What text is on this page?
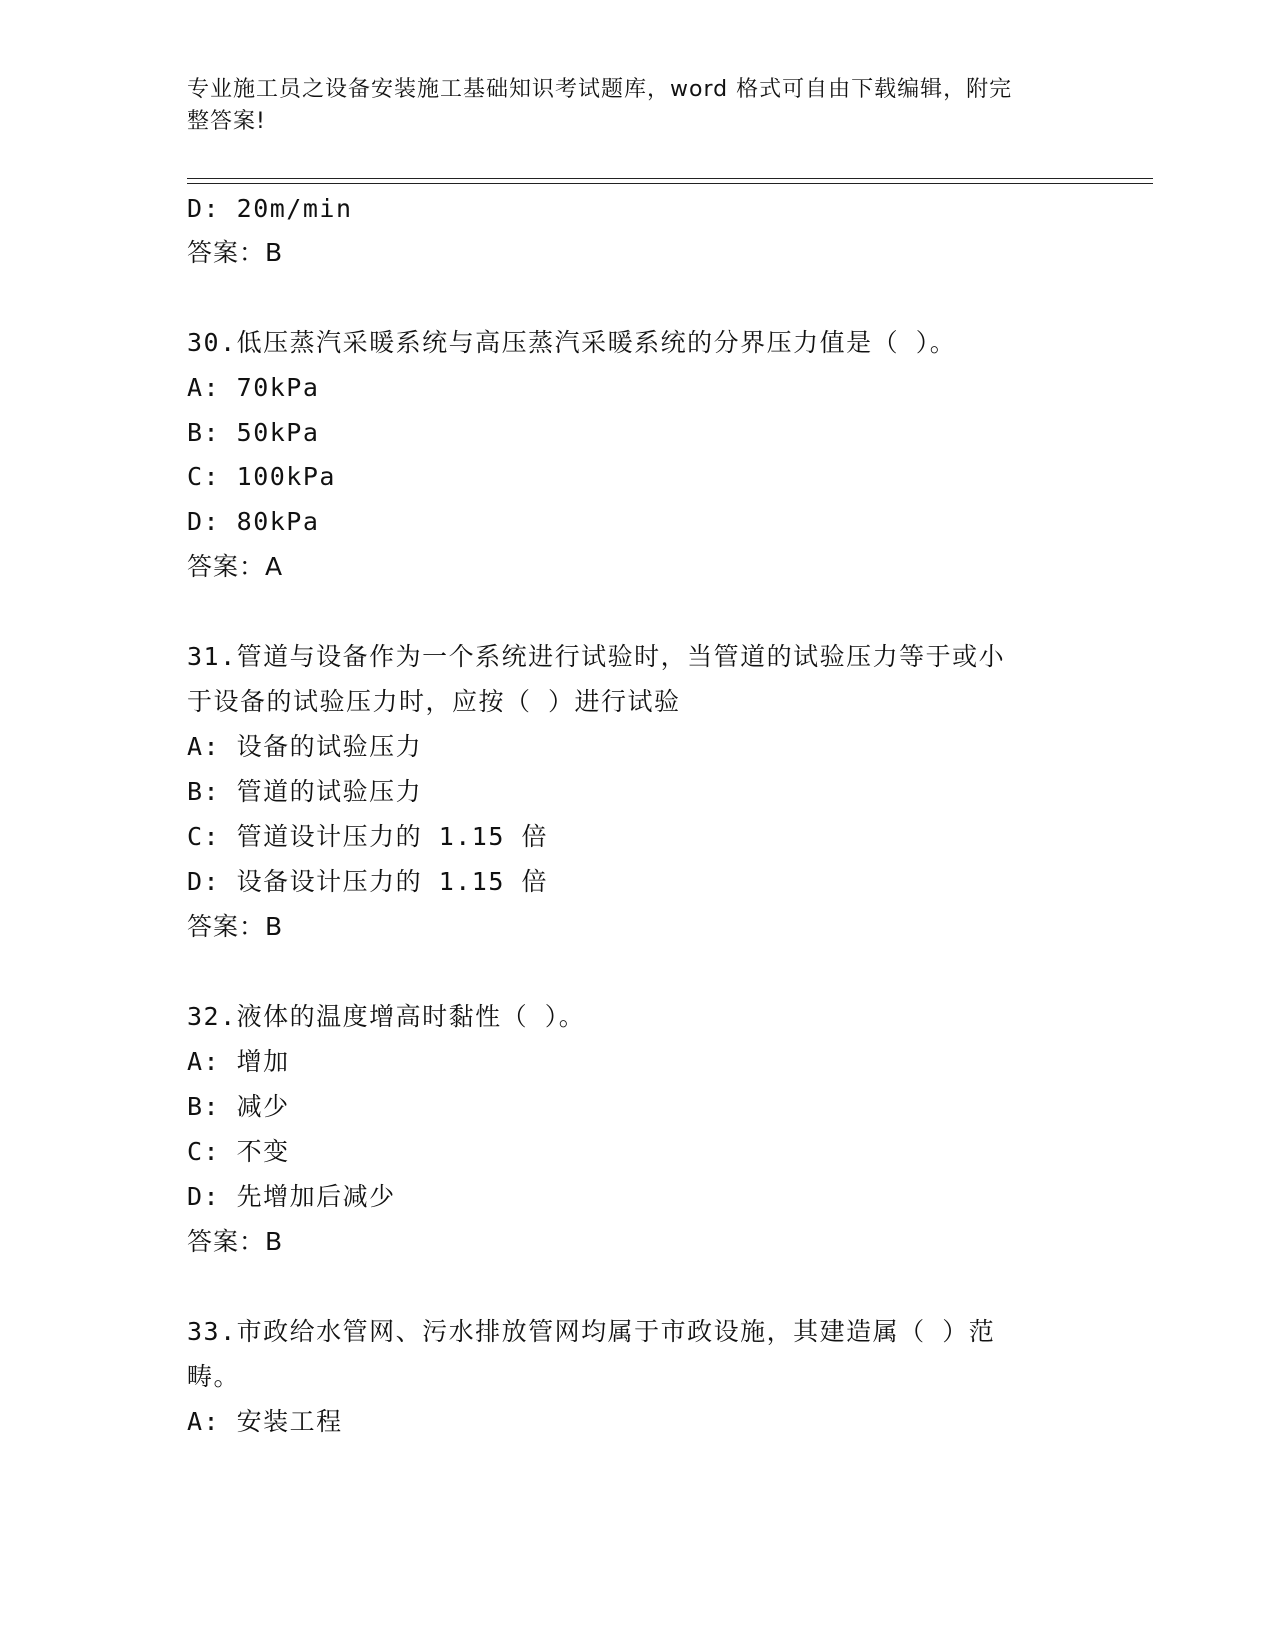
专业施工员之设备安装施工基础知识考试题库，word 格式可自由下载编辑，附完
整答案!
D: 20m/min
答案：B
30.低压蒸汽采暖系统与高压蒸汽采暖系统的分界压力值是（ ）。
A: 70kPa
B: 50kPa
C: 100kPa
D: 80kPa
答案：A
31.管道与设备作为一个系统进行试验时，当管道的试验压力等于或小
于设备的试验压力时，应按（ ）进行试验
A: 设备的试验压力
B: 管道的试验压力
C: 管道设计压力的 1.15 倍
D: 设备设计压力的 1.15 倍
答案：B
32.液体的温度增高时黏性（ ）。
A: 增加
B: 减少
C: 不变
D: 先增加后减少
答案：B
33.市政给水管网、污水排放管网均属于市政设施，其建造属（ ）范
畴。
A: 安装工程
